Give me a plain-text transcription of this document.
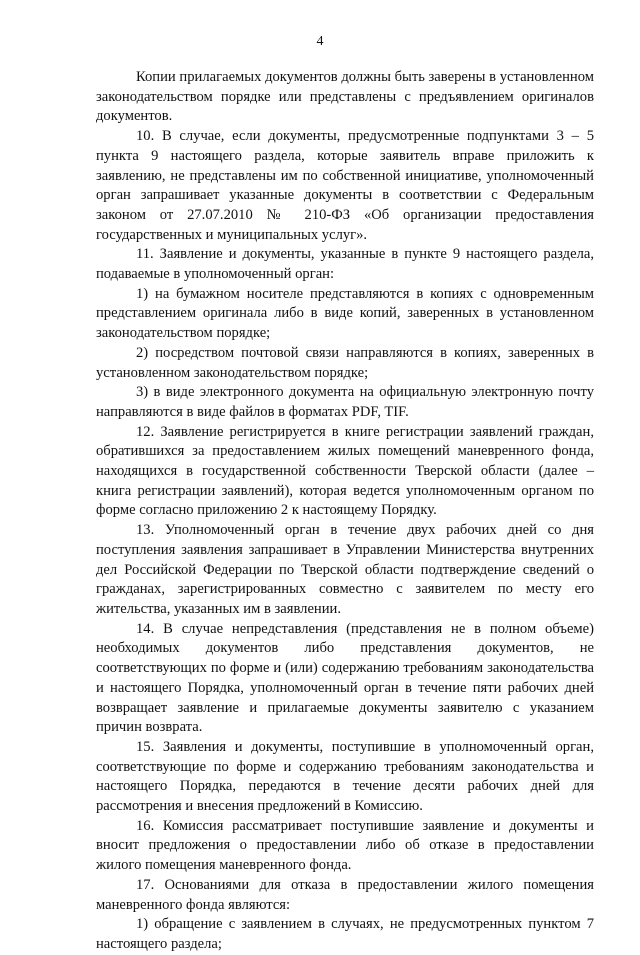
4

Копии прилагаемых документов должны быть заверены в установленном законодательством порядке или представлены с предъявлением оригиналов документов.

10. В случае, если документы, предусмотренные подпунктами 3 – 5 пункта 9 настоящего раздела, которые заявитель вправе приложить к заявлению, не представлены им по собственной инициативе, уполномоченный орган запрашивает указанные документы в соответствии с Федеральным законом от 27.07.2010 № 210-ФЗ «Об организации предоставления государственных и муниципальных услуг».

11. Заявление и документы, указанные в пункте 9 настоящего раздела, подаваемые в уполномоченный орган:

1) на бумажном носителе представляются в копиях с одновременным представлением оригинала либо в виде копий, заверенных в установленном законодательством порядке;

2) посредством почтовой связи направляются в копиях, заверенных в установленном законодательством порядке;

3) в виде электронного документа на официальную электронную почту направляются в виде файлов в форматах PDF, TIF.

12. Заявление регистрируется в книге регистрации заявлений граждан, обратившихся за предоставлением жилых помещений маневренного фонда, находящихся в государственной собственности Тверской области (далее – книга регистрации заявлений), которая ведется уполномоченным органом по форме согласно приложению 2 к настоящему Порядку.

13. Уполномоченный орган в течение двух рабочих дней со дня поступления заявления запрашивает в Управлении Министерства внутренних дел Российской Федерации по Тверской области подтверждение сведений о гражданах, зарегистрированных совместно с заявителем по месту его жительства, указанных им в заявлении.

14. В случае непредставления (представления не в полном объеме) необходимых документов либо представления документов, не соответствующих по форме и (или) содержанию требованиям законодательства и настоящего Порядка, уполномоченный орган в течение пяти рабочих дней возвращает заявление и прилагаемые документы заявителю с указанием причин возврата.

15. Заявления и документы, поступившие в уполномоченный орган, соответствующие по форме и содержанию требованиям законодательства и настоящего Порядка, передаются в течение десяти рабочих дней для рассмотрения и внесения предложений в Комиссию.

16. Комиссия рассматривает поступившие заявление и документы и вносит предложения о предоставлении либо об отказе в предоставлении жилого помещения маневренного фонда.

17. Основаниями для отказа в предоставлении жилого помещения маневренного фонда являются:

1) обращение с заявлением в случаях, не предусмотренных пунктом 7 настоящего раздела;
